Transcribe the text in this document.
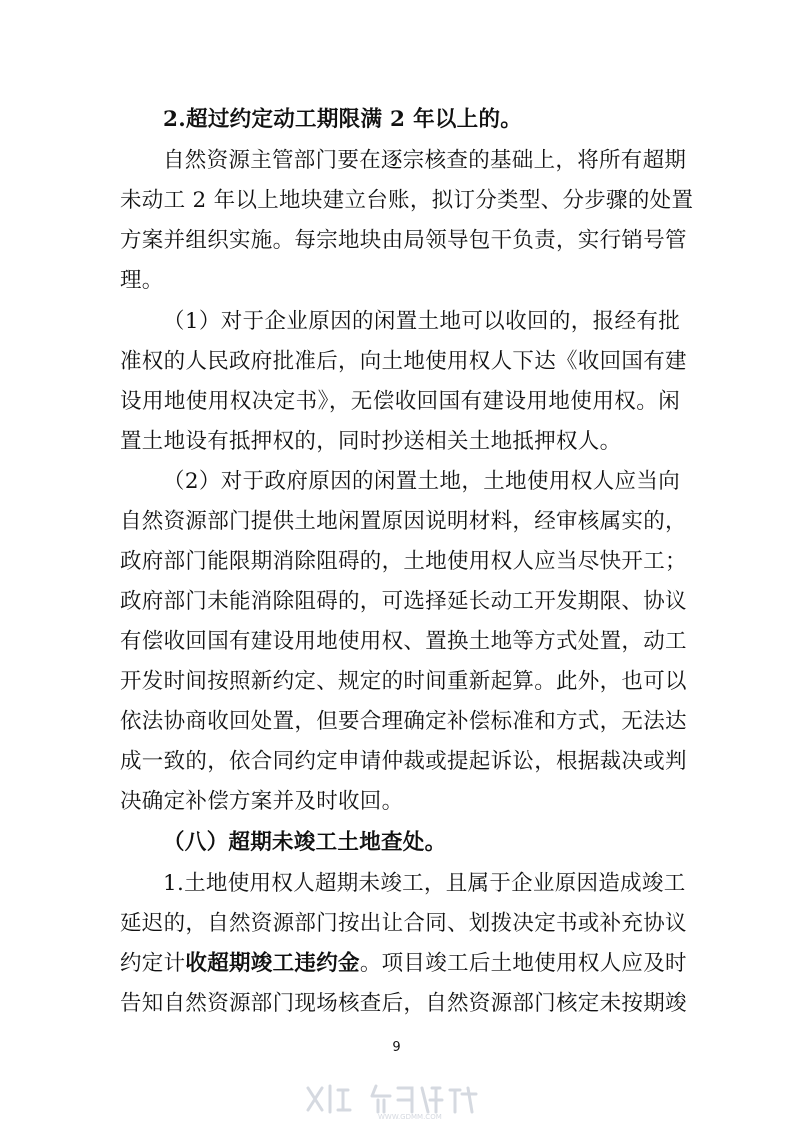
2.超过约定动工期限满 2 年以上的。
自然资源主管部门要在逐宗核查的基础上，将所有超期
未动工 2 年以上地块建立台账，拟订分类型、分步骤的处置
方案并组织实施。每宗地块由局领导包干负责，实行销号管
理。
（1）对于企业原因的闲置土地可以收回的，报经有批
准权的人民政府批准后，向土地使用权人下达《收回国有建
设用地使用权决定书》，无偿收回国有建设用地使用权。闲
置土地设有抵押权的，同时抄送相关土地抵押权人。
（2）对于政府原因的闲置土地，土地使用权人应当向
自然资源部门提供土地闲置原因说明材料，经审核属实的，
政府部门能限期消除阻碍的，土地使用权人应当尽快开工；
政府部门未能消除阻碍的，可选择延长动工开发期限、协议
有偿收回国有建设用地使用权、置换土地等方式处置，动工
开发时间按照新约定、规定的时间重新起算。此外，也可以
依法协商收回处置，但要合理确定补偿标准和方式，无法达
成一致的，依合同约定申请仲裁或提起诉讼，根据裁决或判
决确定补偿方案并及时收回。
（八）超期未竣工土地查处。
1.土地使用权人超期未竣工，且属于企业原因造成竣工
延迟的，自然资源部门按出让合同、划拨决定书或补充协议
约定计收超期竣工违约金。项目竣工后土地使用权人应及时
告知自然资源部门现场核查后，自然资源部门核定未按期竣
9
WWW.GDMM.COM
